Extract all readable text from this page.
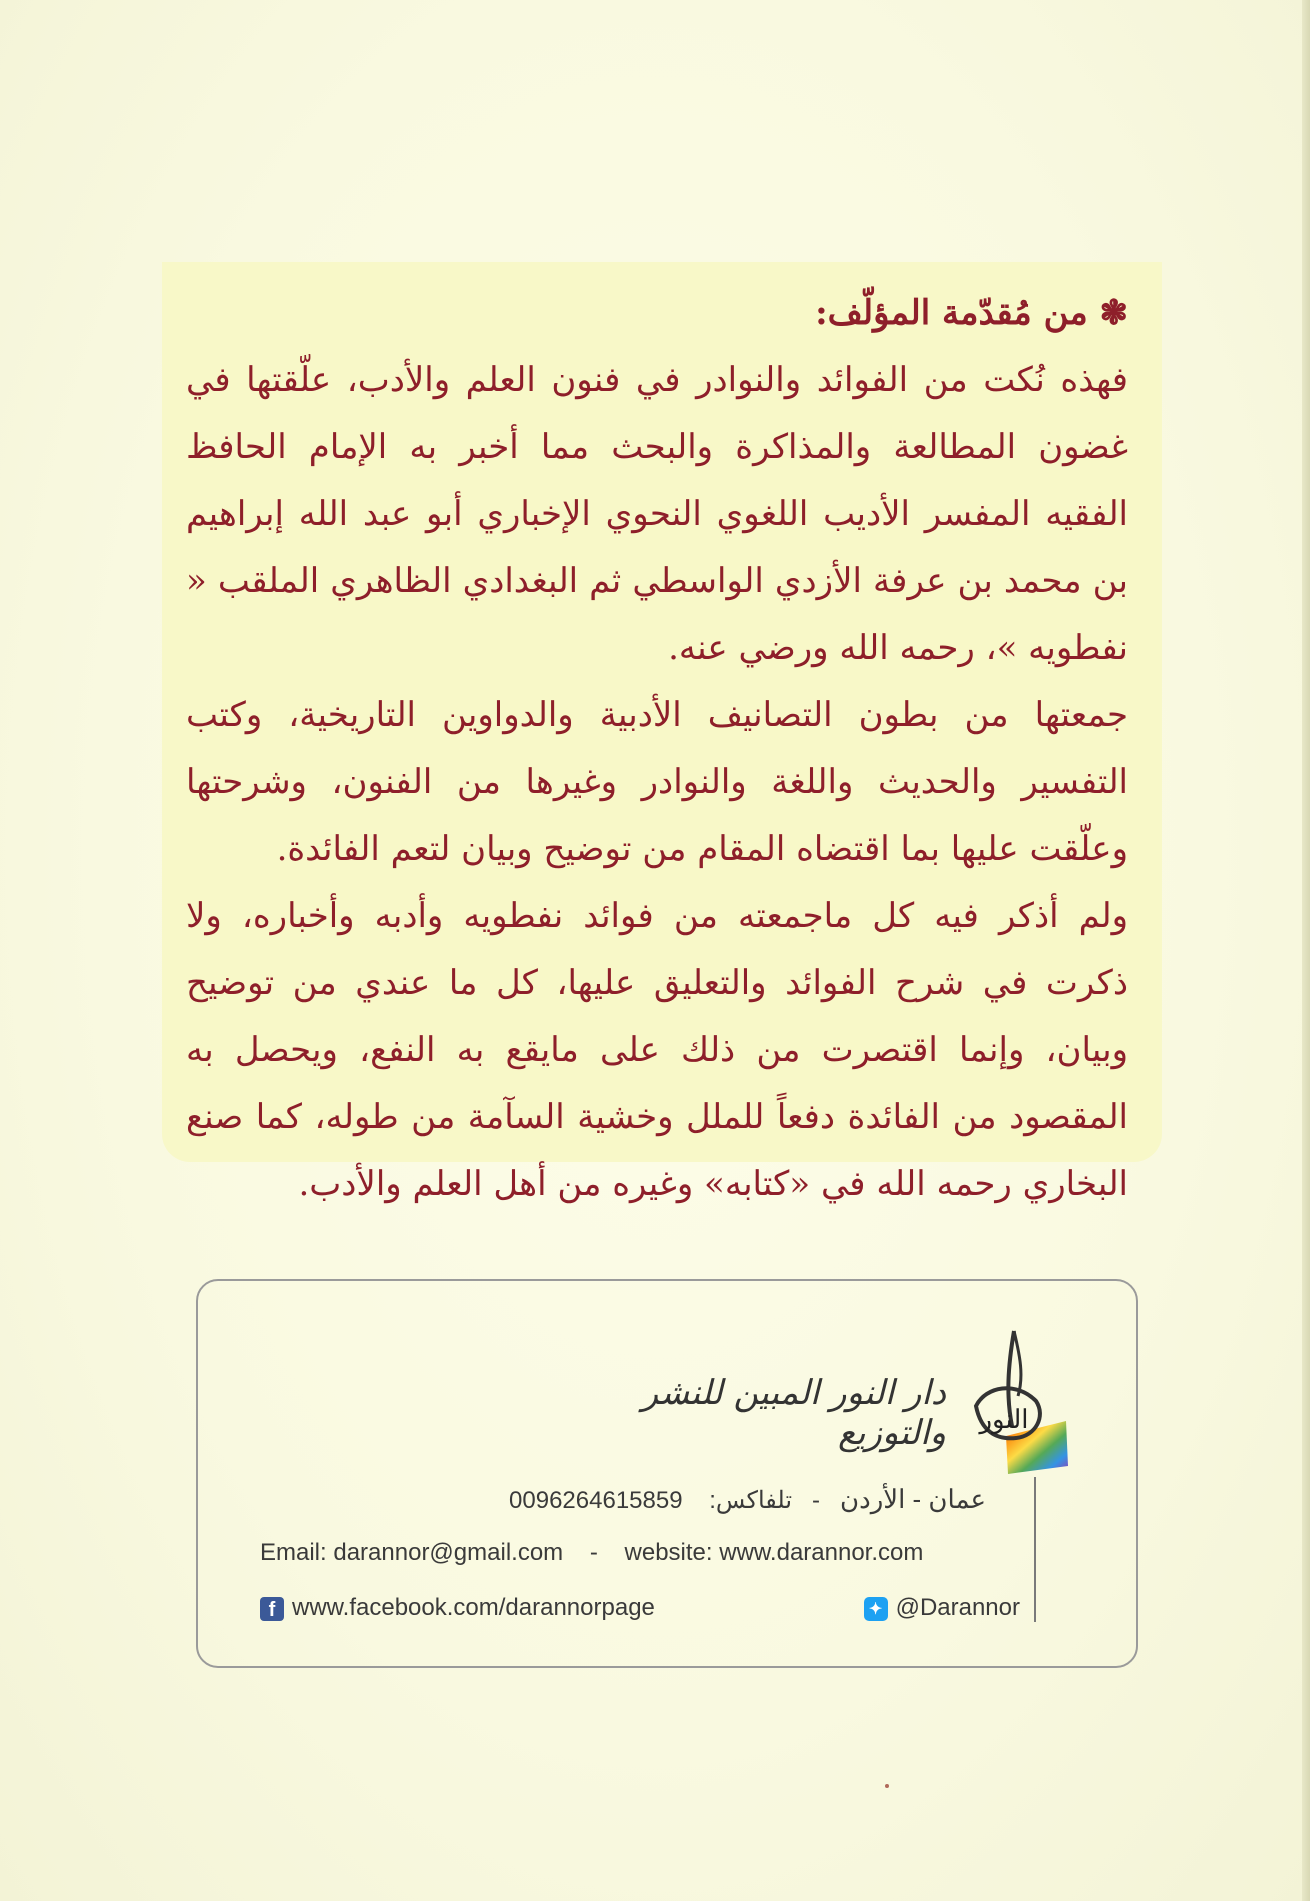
❃ من مُقدّمة المؤلّف:

فهذه نُكت من الفوائد والنوادر في فنون العلم والأدب، علّقتها في غضون المطالعة والمذاكرة والبحث مما أخبر به الإمام الحافظ الفقيه المفسر الأديب اللغوي النحوي الإخباري أبو عبد الله إبراهيم بن محمد بن عرفة الأزدي الواسطي ثم البغدادي الظاهري الملقب « نفطويه »، رحمه الله ورضي عنه.

جمعتها من بطون التصانيف الأدبية والدواوين التاريخية، وكتب التفسير والحديث واللغة والنوادر وغيرها من الفنون، وشرحتها وعلّقت عليها بما اقتضاه المقام من توضيح وبيان لتعم الفائدة.

ولم أذكر فيه كل ماجمعته من فوائد نفطويه وأدبه وأخباره، ولا ذكرت في شرح الفوائد والتعليق عليها، كل ما عندي من توضيح وبيان، وإنما اقتصرت من ذلك على مايقع به النفع، ويحصل به المقصود من الفائدة دفعاً للملل وخشية السآمة من طوله، كما صنع البخاري رحمه الله في «كتابه» وغيره من أهل العلم والأدب.

النور
دار النور المبين للنشر والتوزيع
عمان - الأردن   -   تلفاكس:    0096264615859
Email: darannor@gmail.com - website: www.darannor.com
f www.facebook.com/darannorpage	✦ @Darannor
